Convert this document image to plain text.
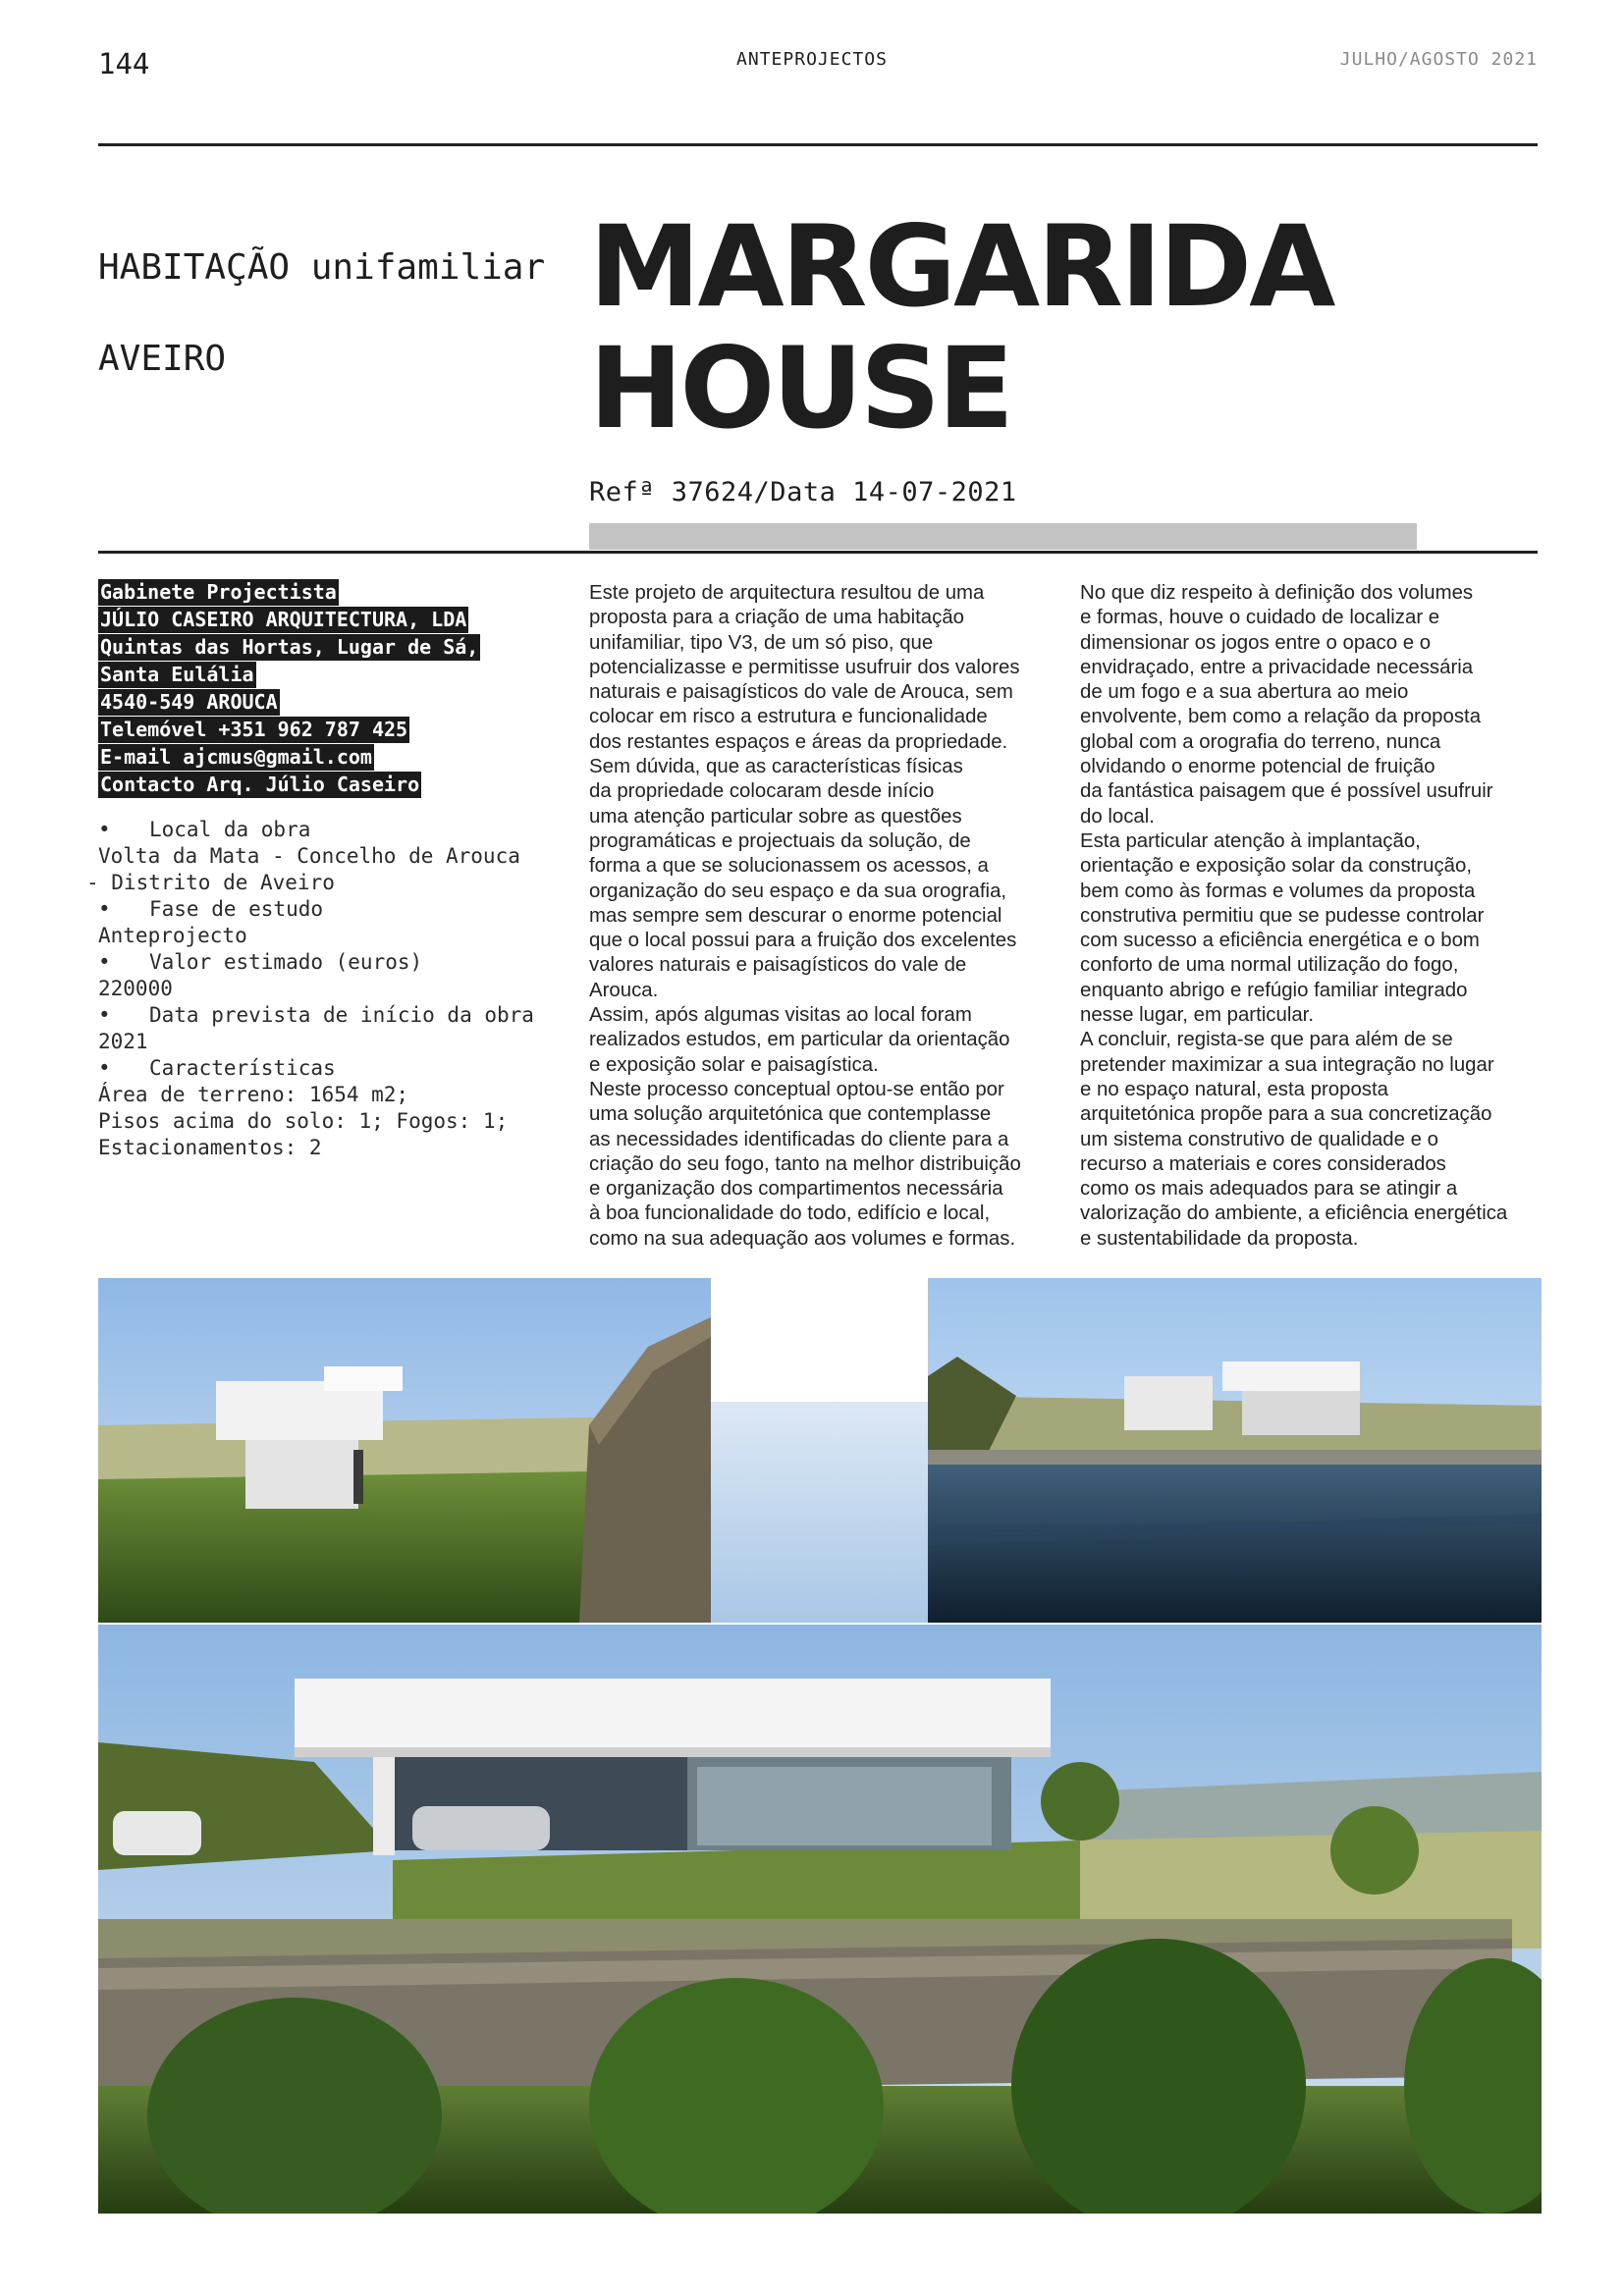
144	ANTEPROJECTOS	JULHO/AGOSTO 2021
HABITAÇÃO unifamiliar
AVEIRO
MARGARIDA
HOUSE
Refª 37624/Data 14-07-2021
Gabinete Projectista
JÚLIO CASEIRO ARQUITECTURA, LDA
Quintas das Hortas, Lugar de Sá,
Santa Eulália
4540-549 AROUCA
Telemóvel +351 962 787 425
E-mail ajcmus@gmail.com
Contacto Arq. Júlio Caseiro
• Local da obra
Volta da Mata - Concelho de Arouca
- Distrito de Aveiro
• Fase de estudo
Anteprojecto
• Valor estimado (euros)
220000
• Data prevista de início da obra
2021
• Características
Área de terreno: 1654 m2;
Pisos acima do solo: 1; Fogos: 1;
Estacionamentos: 2
Este projeto de arquitectura resultou de uma
proposta para a criação de uma habitação
unifamiliar, tipo V3, de um só piso, que
potencializasse e permitisse usufruir dos valores
naturais e paisagísticos do vale de Arouca, sem
colocar em risco a estrutura e funcionalidade
dos restantes espaços e áreas da propriedade.
Sem dúvida, que as características físicas
da propriedade colocaram desde início
uma atenção particular sobre as questões
programáticas e projectuais da solução, de
forma a que se solucionassem os acessos, a
organização do seu espaço e da sua orografia,
mas sempre sem descurar o enorme potencial
que o local possui para a fruição dos excelentes
valores naturais e paisagísticos do vale de
Arouca.
Assim, após algumas visitas ao local foram
realizados estudos, em particular da orientação
e exposição solar e paisagística.
Neste processo conceptual optou-se então por
uma solução arquitetónica que contemplasse
as necessidades identificadas do cliente para a
criação do seu fogo, tanto na melhor distribuição
e organização dos compartimentos necessária
à boa funcionalidade do todo, edifício e local,
como na sua adequação aos volumes e formas.
No que diz respeito à definição dos volumes
e formas, houve o cuidado de localizar e
dimensionar os jogos entre o opaco e o
envidraçado, entre a privacidade necessária
de um fogo e a sua abertura ao meio
envolvente, bem como a relação da proposta
global com a orografia do terreno, nunca
olvidando o enorme potencial de fruição
da fantástica paisagem que é possível usufruir
do local.
Esta particular atenção à implantação,
orientação e exposição solar da construção,
bem como às formas e volumes da proposta
construtiva permitiu que se pudesse controlar
com sucesso a eficiência energética e o bom
conforto de uma normal utilização do fogo,
enquanto abrigo e refúgio familiar integrado
nesse lugar, em particular.
A concluir, regista-se que para além de se
pretender maximizar a sua integração no lugar
e no espaço natural, esta proposta
arquitetónica propõe para a sua concretização
um sistema construtivo de qualidade e o
recurso a materiais e cores considerados
como os mais adequados para se atingir a
valorização do ambiente, a eficiência energética
e sustentabilidade da proposta.
